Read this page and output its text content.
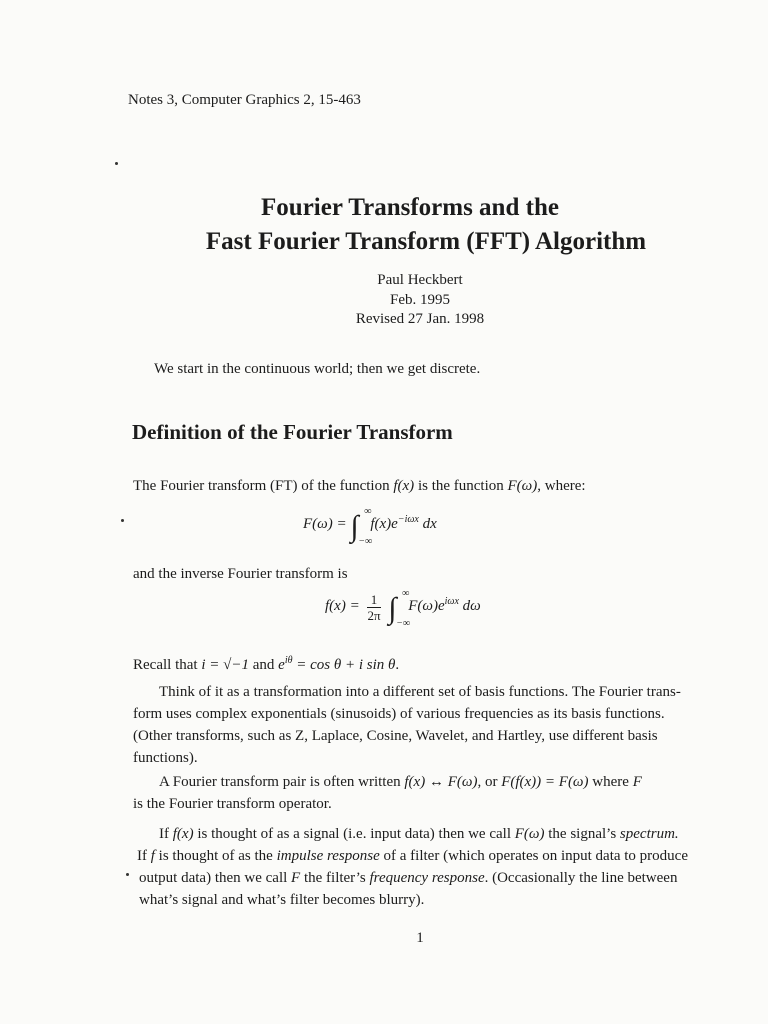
Notes 3, Computer Graphics 2, 15-463
Fourier Transforms and the
Fast Fourier Transform (FFT) Algorithm
Paul Heckbert
Feb. 1995
Revised 27 Jan. 1998
We start in the continuous world; then we get discrete.
Definition of the Fourier Transform
The Fourier transform (FT) of the function f(x) is the function F(ω), where:
F(ω) = ∫ ∞
−∞
$f(x)e^{-i\omega x}$ dx
and the inverse Fourier transform is
$f(x) = \frac{1}{2\pi}$ ∫ ∞
−∞
$F(\omega)e^{i\omega x}$ dω
Recall that i = √−1 and $e^{i\theta} = \cos \theta + i$ sin θ.
Think of it as a transformation into a different set of basis functions. The Fourier trans-
form uses complex exponentials (sinusoids) of various frequencies as its basis functions.
(Other transforms, such as Z, Laplace, Cosine, Wavelet, and Hartley, use different basis
functions).
A Fourier transform pair is often written f(x) ↔ F(ω), or F(f(x)) = F(ω) where F
is the Fourier transform operator.
If f(x) is thought of as a signal (i.e. input data) then we call F(ω) the signal’s spectrum.
If f is thought of as the impulse response of a filter (which operates on input data to produce
output data) then we call F the filter’s frequency response. (Occasionally the line between
what’s signal and what’s filter becomes blurry).
1
